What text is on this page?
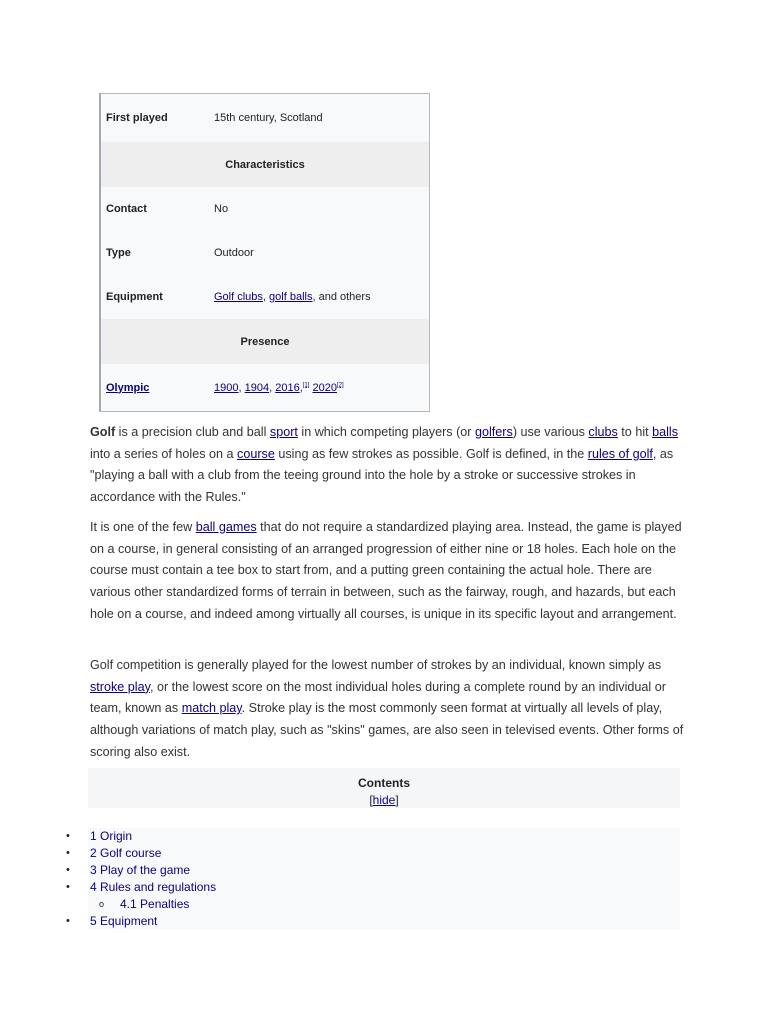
First played	15th century, Scotland
Characteristics
Contact	No
Type	Outdoor
Equipment	Golf clubs, golf balls, and others
Presence
Olympic	1900, 1904, 2016,[1] 2020[2]

Golf is a precision club and ball sport in which competing players (or golfers) use various clubs to hit balls into a series of holes on a course using as few strokes as possible. Golf is defined, in the rules of golf, as "playing a ball with a club from the teeing ground into the hole by a stroke or successive strokes in accordance with the Rules."

It is one of the few ball games that do not require a standardized playing area. Instead, the game is played on a course, in general consisting of an arranged progression of either nine or 18 holes. Each hole on the course must contain a tee box to start from, and a putting green containing the actual hole. There are various other standardized forms of terrain in between, such as the fairway, rough, and hazards, but each hole on a course, and indeed among virtually all courses, is unique in its specific layout and arrangement.

Golf competition is generally played for the lowest number of strokes by an individual, known simply as stroke play, or the lowest score on the most individual holes during a complete round by an individual or team, known as match play. Stroke play is the most commonly seen format at virtually all levels of play, although variations of match play, such as "skins" games, are also seen in televised events. Other forms of scoring also exist.

Contents
[hide]
• 1 Origin
• 2 Golf course
• 3 Play of the game
• 4 Rules and regulations
o 4.1 Penalties
• 5 Equipment
